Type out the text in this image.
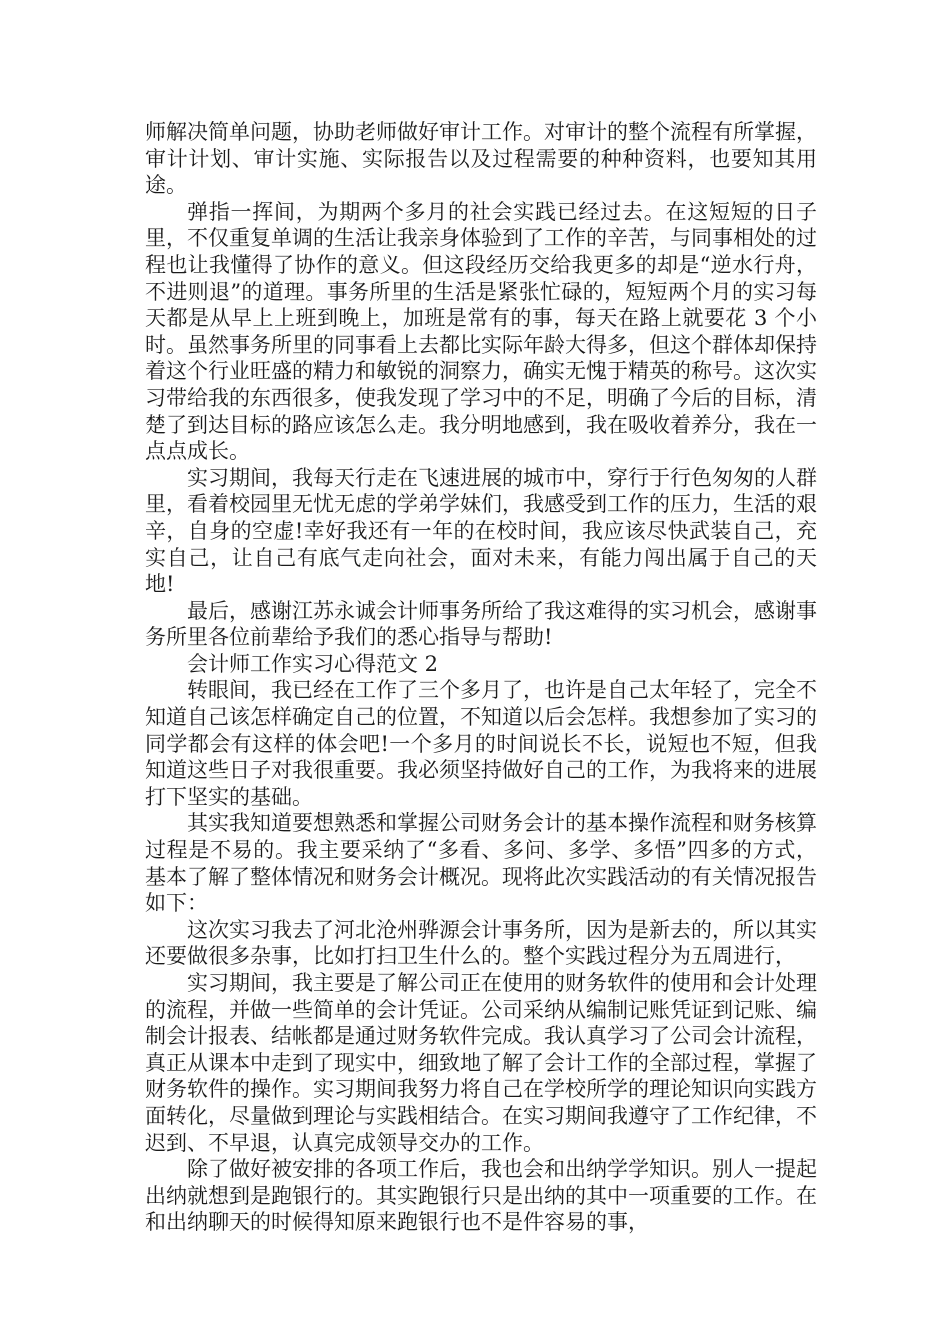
师解决简单问题，协助老师做好审计工作。对审计的整个流程有所掌握，审计计划、审计实施、实际报告以及过程需要的种种资料，也要知其用途。

弹指一挥间，为期两个多月的社会实践已经过去。在这短短的日子里，不仅重复单调的生活让我亲身体验到了工作的辛苦，与同事相处的过程也让我懂得了协作的意义。但这段经历交给我更多的却是“逆水行舟，不进则退”的道理。事务所里的生活是紧张忙碌的，短短两个月的实习每天都是从早上上班到晚上，加班是常有的事，每天在路上就要花 3 个小时。虽然事务所里的同事看上去都比实际年龄大得多，但这个群体却保持着这个行业旺盛的精力和敏锐的洞察力，确实无愧于精英的称号。这次实习带给我的东西很多，使我发现了学习中的不足，明确了今后的目标，清楚了到达目标的路应该怎么走。我分明地感到，我在吸收着养分，我在一点点成长。

实习期间，我每天行走在飞速进展的城市中，穿行于行色匆匆的人群里，看着校园里无忧无虑的学弟学妹们，我感受到工作的压力，生活的艰辛，自身的空虚!幸好我还有一年的在校时间，我应该尽快武装自己，充实自己，让自己有底气走向社会，面对未来，有能力闯出属于自己的天地!

最后，感谢江苏永诚会计师事务所给了我这难得的实习机会，感谢事务所里各位前辈给予我们的悉心指导与帮助!

会计师工作实习心得范文 2

转眼间，我已经在工作了三个多月了，也许是自己太年轻了，完全不知道自己该怎样确定自己的位置，不知道以后会怎样。我想参加了实习的同学都会有这样的体会吧!一个多月的时间说长不长，说短也不短，但我知道这些日子对我很重要。我必须坚持做好自己的工作，为我将来的进展打下坚实的基础。

其实我知道要想熟悉和掌握公司财务会计的基本操作流程和财务核算过程是不易的。我主要采纳了“多看、多问、多学、多悟”四多的方式，基本了解了整体情况和财务会计概况。现将此次实践活动的有关情况报告如下：

这次实习我去了河北沧州骅源会计事务所，因为是新去的，所以其实还要做很多杂事，比如打扫卫生什么的。整个实践过程分为五周进行，

实习期间，我主要是了解公司正在使用的财务软件的使用和会计处理的流程，并做一些简单的会计凭证。公司采纳从编制记账凭证到记账、编制会计报表、结帐都是通过财务软件完成。我认真学习了公司会计流程，真正从课本中走到了现实中，细致地了解了会计工作的全部过程，掌握了财务软件的操作。实习期间我努力将自己在学校所学的理论知识向实践方面转化，尽量做到理论与实践相结合。在实习期间我遵守了工作纪律，不迟到、不早退，认真完成领导交办的工作。

除了做好被安排的各项工作后，我也会和出纳学学知识。别人一提起出纳就想到是跑银行的。其实跑银行只是出纳的其中一项重要的工作。在和出纳聊天的时候得知原来跑银行也不是件容易的事，
